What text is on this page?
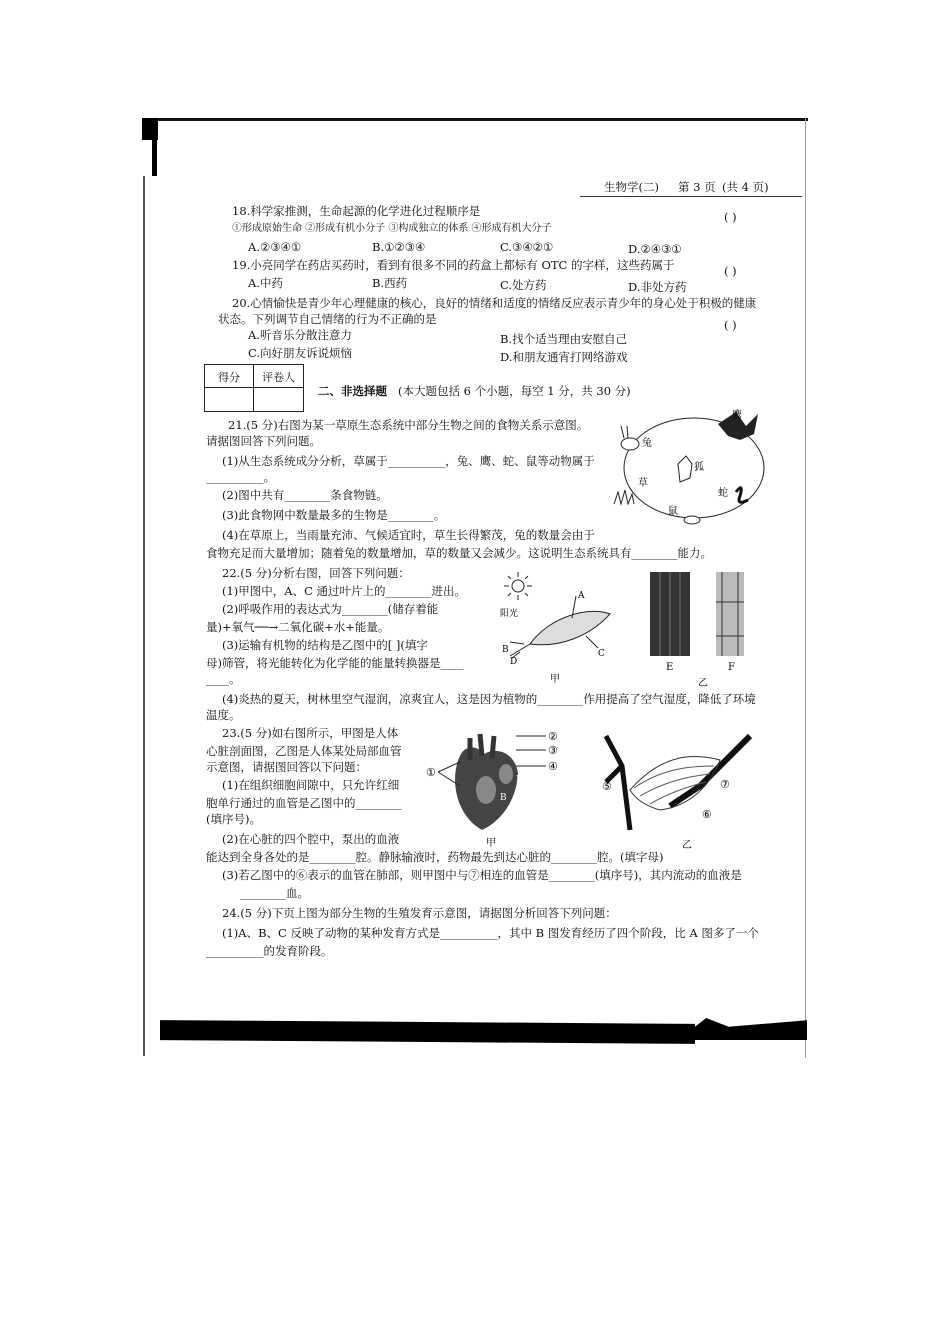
生物学(二) 第 3 页 (共 4 页)
18.科学家推测，生命起源的化学进化过程顺序是	( )
①形成原始生命 ②形成有机小分子 ③构成独立的体系 ④形成有机大分子
A.②③④①	B.①②③④	C.③④②①	D.②④③①
19.小亮同学在药店买药时，看到有很多不同的药盒上都标有 OTC 的字样，这些药属于	( )
A.中药	B.西药	C.处方药	D.非处方药
20.心情愉快是青少年心理健康的核心，良好的情绪和适度的情绪反应表示青少年的身心处于积极的健康
状态。下列调节自己情绪的行为不正确的是	( )
A.听音乐分散注意力	B.找个适当理由安慰自己
C.向好朋友诉说烦恼	D.和朋友通宵打网络游戏
得分	评卷人
二、非选择题 (本大题包括 6 个小题，每空 1 分，共 30 分)
21.(5 分)右图为某一草原生态系统中部分生物之间的食物关系示意图。
请据图回答下列问题。
(1)从生态系统成分分析，草属于__________，兔、鹰、蛇、鼠等动物属于
__________。
(2)图中共有________条食物链。
(3)此食物网中数量最多的生物是________。
(4)在草原上，当雨量充沛、气候适宜时，草生长得繁茂，兔的数量会由于
食物充足而大量增加；随着兔的数量增加，草的数量又会减少。这说明生态系统具有________能力。
鹰
兔
狐
草
蛇
鼠
22.(5 分)分析右图，回答下列问题：
(1)甲图中，A、C 通过叶片上的________进出。
(2)呼吸作用的表达式为________(储存着能
量)+氧气──→二氧化碳+水+能量。
(3)运输有机物的结构是乙图中的[ ](填字
母)筛管，将光能转化为化学能的能量转换器是____
____。
(4)炎热的夏天，树林里空气湿润，凉爽宜人，这是因为植物的________作用提高了空气湿度，降低了环境
温度。
阳光
A
B	C
D
甲
E	F
乙
23.(5 分)如右图所示，甲图是人体
心脏剖面图，乙图是人体某处局部血管
示意图，请据图回答以下问题：
(1)在组织细胞间隙中，只允许红细
胞单行通过的血管是乙图中的________
(填序号)。
(2)在心脏的四个腔中，泵出的血液
能达到全身各处的是________腔。静脉输液时，药物最先到达心脏的________腔。(填字母)
(3)若乙图中的⑥表示的血管在肺部，则甲图中与⑦相连的血管是________(填序号)，其内流动的血液是
________血。
B
D
②
③
④
①
甲
⑤
⑥
⑦
乙
24.(5 分)下页上图为部分生物的生殖发育示意图，请据图分析回答下列问题：
(1)A、B、C 反映了动物的某种发育方式是__________，其中 B 图发育经历了四个阶段，比 A 图多了一个
__________的发育阶段。
